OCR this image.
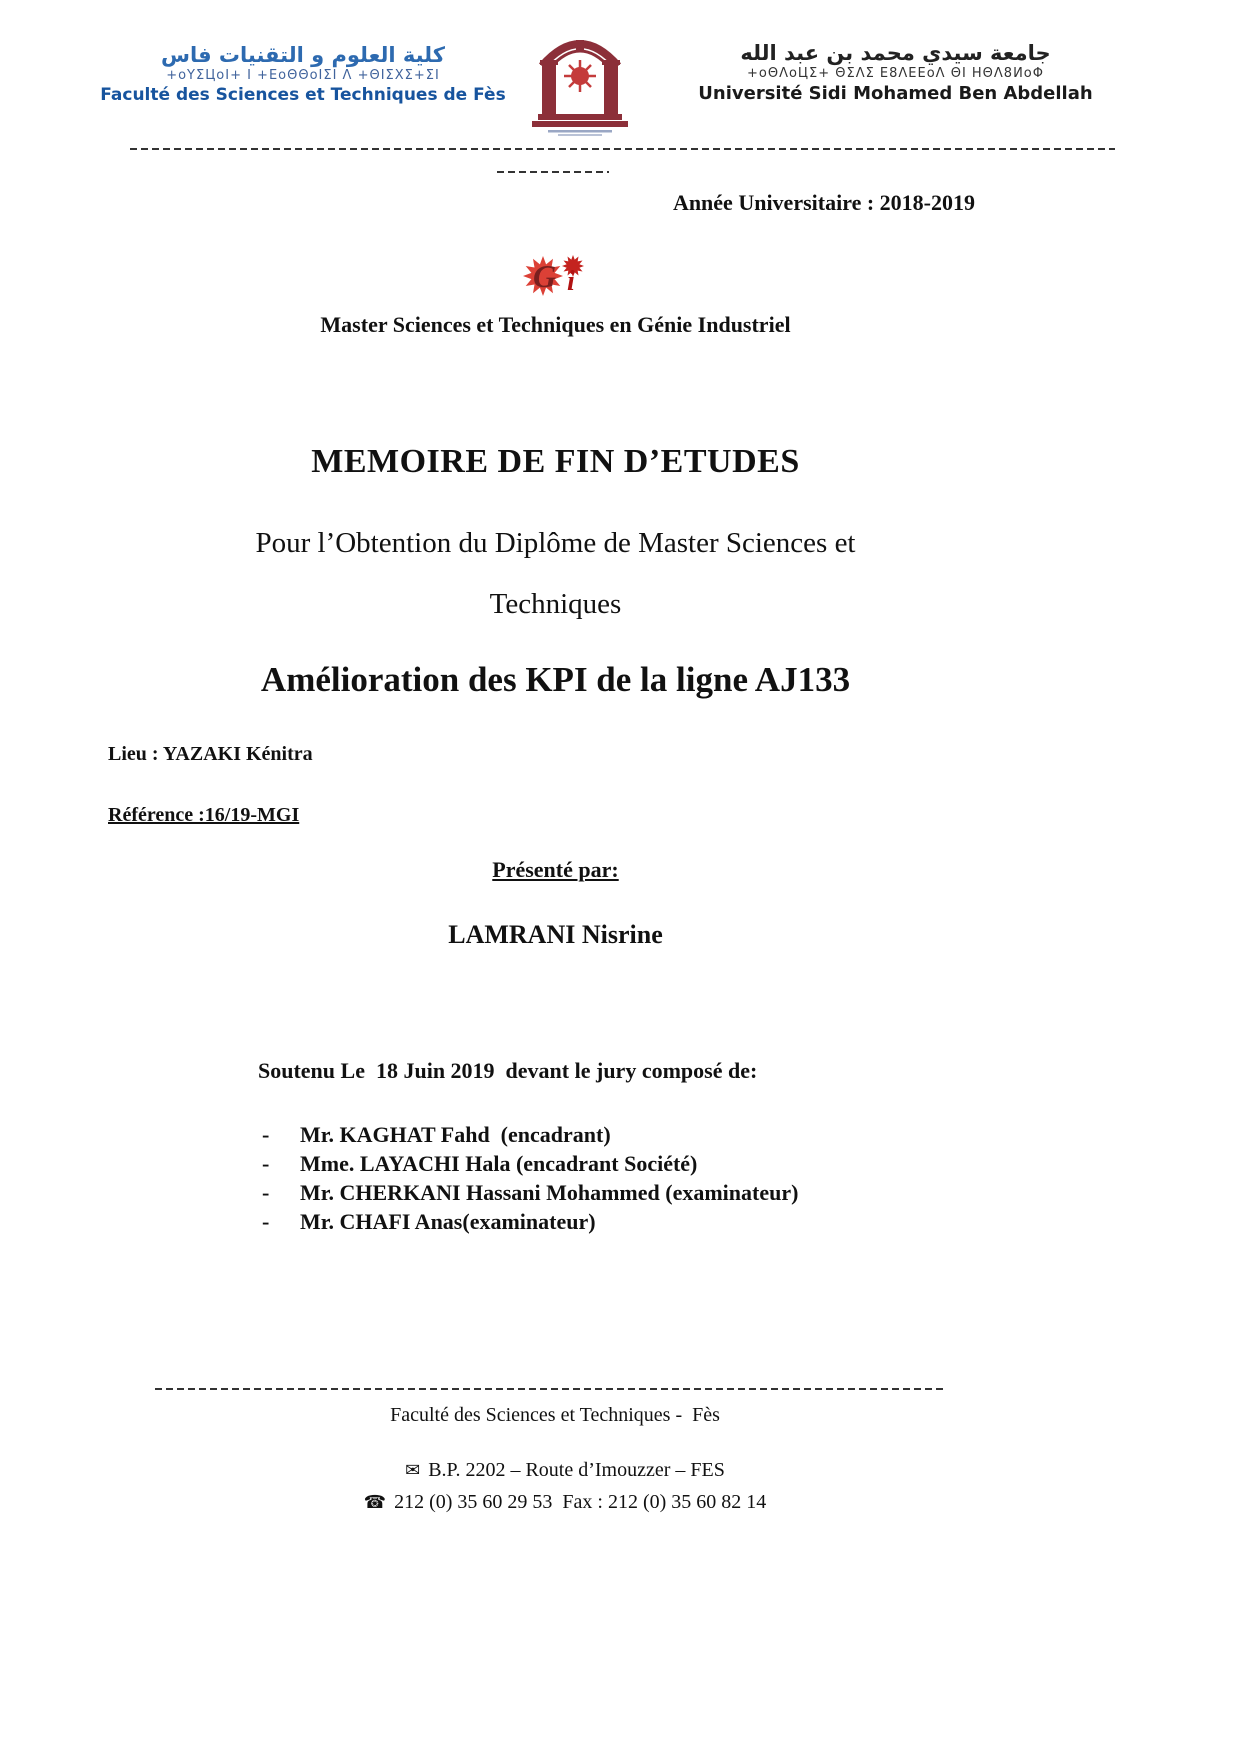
كلية العلوم و التقنيات فاس
+oYΣЦoI+ I +ΕoΘΘoIΣI Λ +ΘIΣΧΣ+ΣI
Faculté des Sciences et Techniques de Fès
جامعة سيدي محمد بن عبد الله
+oΘΛoЦΣ+ ΘΣΛΣ Ε8ΛΕΕoΛ ΘI ΗΘΛ8ИoΦ
Université Sidi Mohamed Ben Abdellah
Année Universitaire : 2018-2019
G i
Master Sciences et Techniques en Génie Industriel
MEMOIRE DE FIN D’ETUDES
Pour l’Obtention du Diplôme de Master Sciences et
Techniques
Amélioration des KPI de la ligne AJ133
Lieu : YAZAKI Kénitra
Référence :16/19-MGI
Présenté par:
LAMRANI Nisrine
Soutenu Le  18 Juin 2019  devant le jury composé de:
-	Mr. KAGHAT Fahd  (encadrant)
-	Mme. LAYACHI Hala (encadrant Société)
-	Mr. CHERKANI Hassani Mohammed (examinateur)
-	Mr. CHAFI Anas(examinateur)
Faculté des Sciences et Techniques -  Fès

✉ B.P. 2202 – Route d’Imouzzer – FES

☎ 212 (0) 35 60 29 53  Fax : 212 (0) 35 60 82 14
